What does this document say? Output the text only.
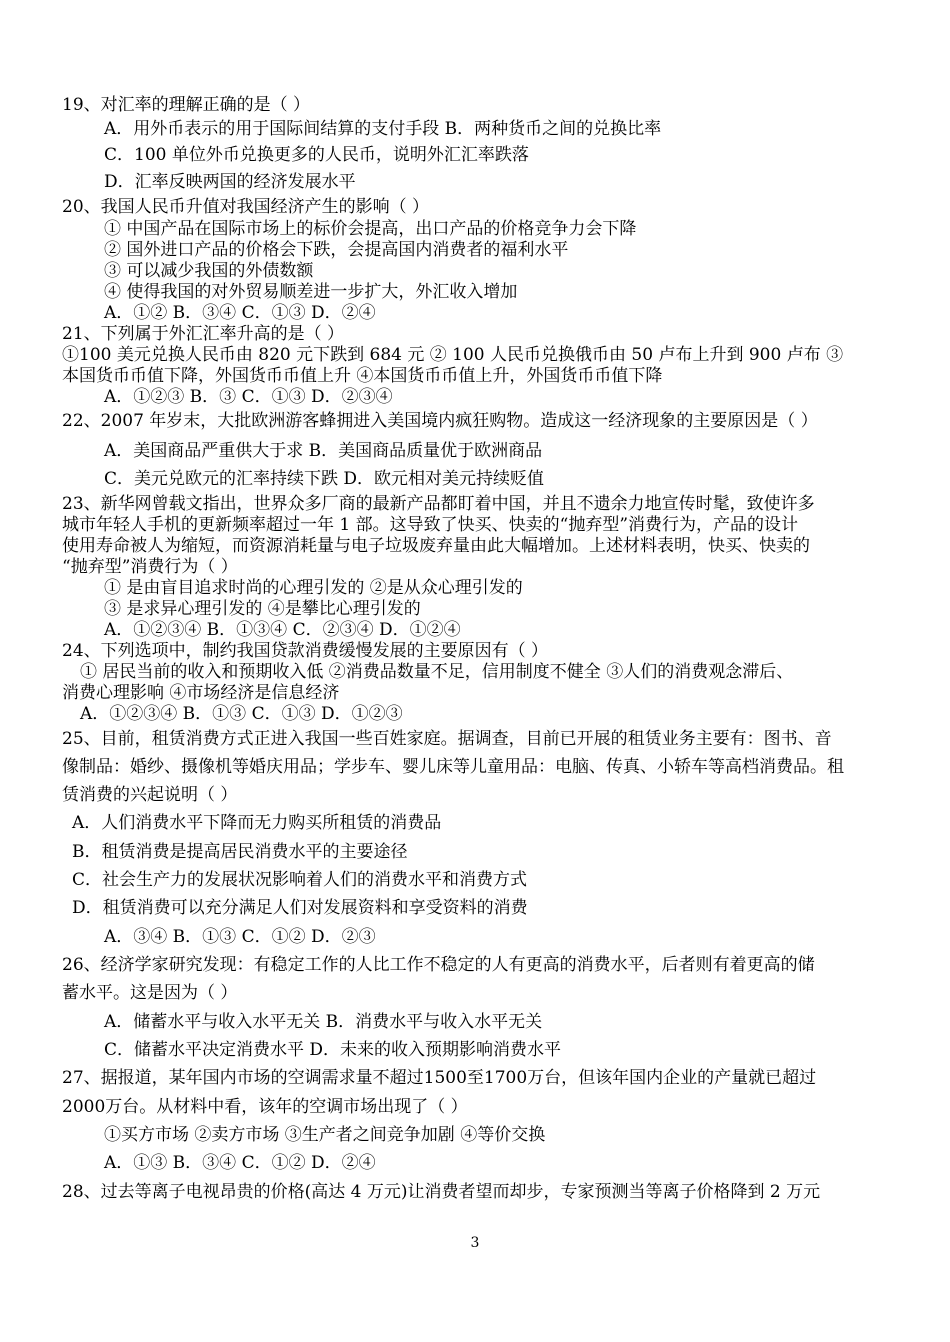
19、对汇率的理解正确的是（ ）
A．用外币表示的用于国际间结算的支付手段 B．两种货币之间的兑换比率
C．100 单位外币兑换更多的人民币，说明外汇汇率跌落
D．汇率反映两国的经济发展水平
20、我国人民币升值对我国经济产生的影响（ ）
① 中国产品在国际市场上的标价会提高，出口产品的价格竞争力会下降
② 国外进口产品的价格会下跌，会提高国内消费者的福利水平
③ 可以减少我国的外债数额
④ 使得我国的对外贸易顺差进一步扩大，外汇收入增加
A．①② B．③④ C．①③ D．②④
21、下列属于外汇汇率升高的是（ ）
①100 美元兑换人民币由 820 元下跌到 684 元 ② 100 人民币兑换俄币由 50 卢布上升到 900 卢布 ③
本国货币币值下降，外国货币币值上升 ④本国货币币值上升，外国货币币值下降
A．①②③ B．③ C．①③ D．②③④
22、2007 年岁末，大批欧洲游客蜂拥进入美国境内疯狂购物。造成这一经济现象的主要原因是（ ）
A．美国商品严重供大于求 B．美国商品质量优于欧洲商品
C．美元兑欧元的汇率持续下跌 D．欧元相对美元持续贬值
23、新华网曾载文指出，世界众多厂商的最新产品都盯着中国，并且不遗余力地宣传时髦，致使许多
城市年轻人手机的更新频率超过一年 1 部。这导致了快买、快卖的“抛弃型”消费行为，产品的设计
使用寿命被人为缩短，而资源消耗量与电子垃圾废弃量由此大幅增加。上述材料表明，快买、快卖的
“抛弃型”消费行为（ ）
① 是由盲目追求时尚的心理引发的 ②是从众心理引发的
③ 是求异心理引发的 ④是攀比心理引发的
A．①②③④ B．①③④ C．②③④ D．①②④
24、下列选项中，制约我国贷款消费缓慢发展的主要原因有（ ）
① 居民当前的收入和预期收入低 ②消费品数量不足，信用制度不健全 ③人们的消费观念滞后、
消费心理影响 ④市场经济是信息经济
A．①②③④ B．①③ C．①③ D．①②③
25、目前，租赁消费方式正进入我国一些百姓家庭。据调查，目前已开展的租赁业务主要有：图书、音
像制品：婚纱、摄像机等婚庆用品；学步车、婴儿床等儿童用品：电脑、传真、小轿车等高档消费品。租
赁消费的兴起说明（ ）
A．人们消费水平下降而无力购买所租赁的消费品
B．租赁消费是提高居民消费水平的主要途径
C．社会生产力的发展状况影响着人们的消费水平和消费方式
D．租赁消费可以充分满足人们对发展资料和享受资料的消费
A．③④ B．①③ C．①② D．②③
26、经济学家研究发现：有稳定工作的人比工作不稳定的人有更高的消费水平，后者则有着更高的储
蓄水平。这是因为（ ）
A．储蓄水平与收入水平无关 B．消费水平与收入水平无关
C．储蓄水平决定消费水平 D．未来的收入预期影响消费水平
27、据报道，某年国内市场的空调需求量不超过1500至1700万台，但该年国内企业的产量就已超过
2000万台。从材料中看，该年的空调市场出现了（ ）
①买方市场 ②卖方市场 ③生产者之间竞争加剧 ④等价交换
A．①③ B．③④ C．①② D．②④
28、过去等离子电视昂贵的价格(高达 4 万元)让消费者望而却步，专家预测当等离子价格降到 2 万元
3
